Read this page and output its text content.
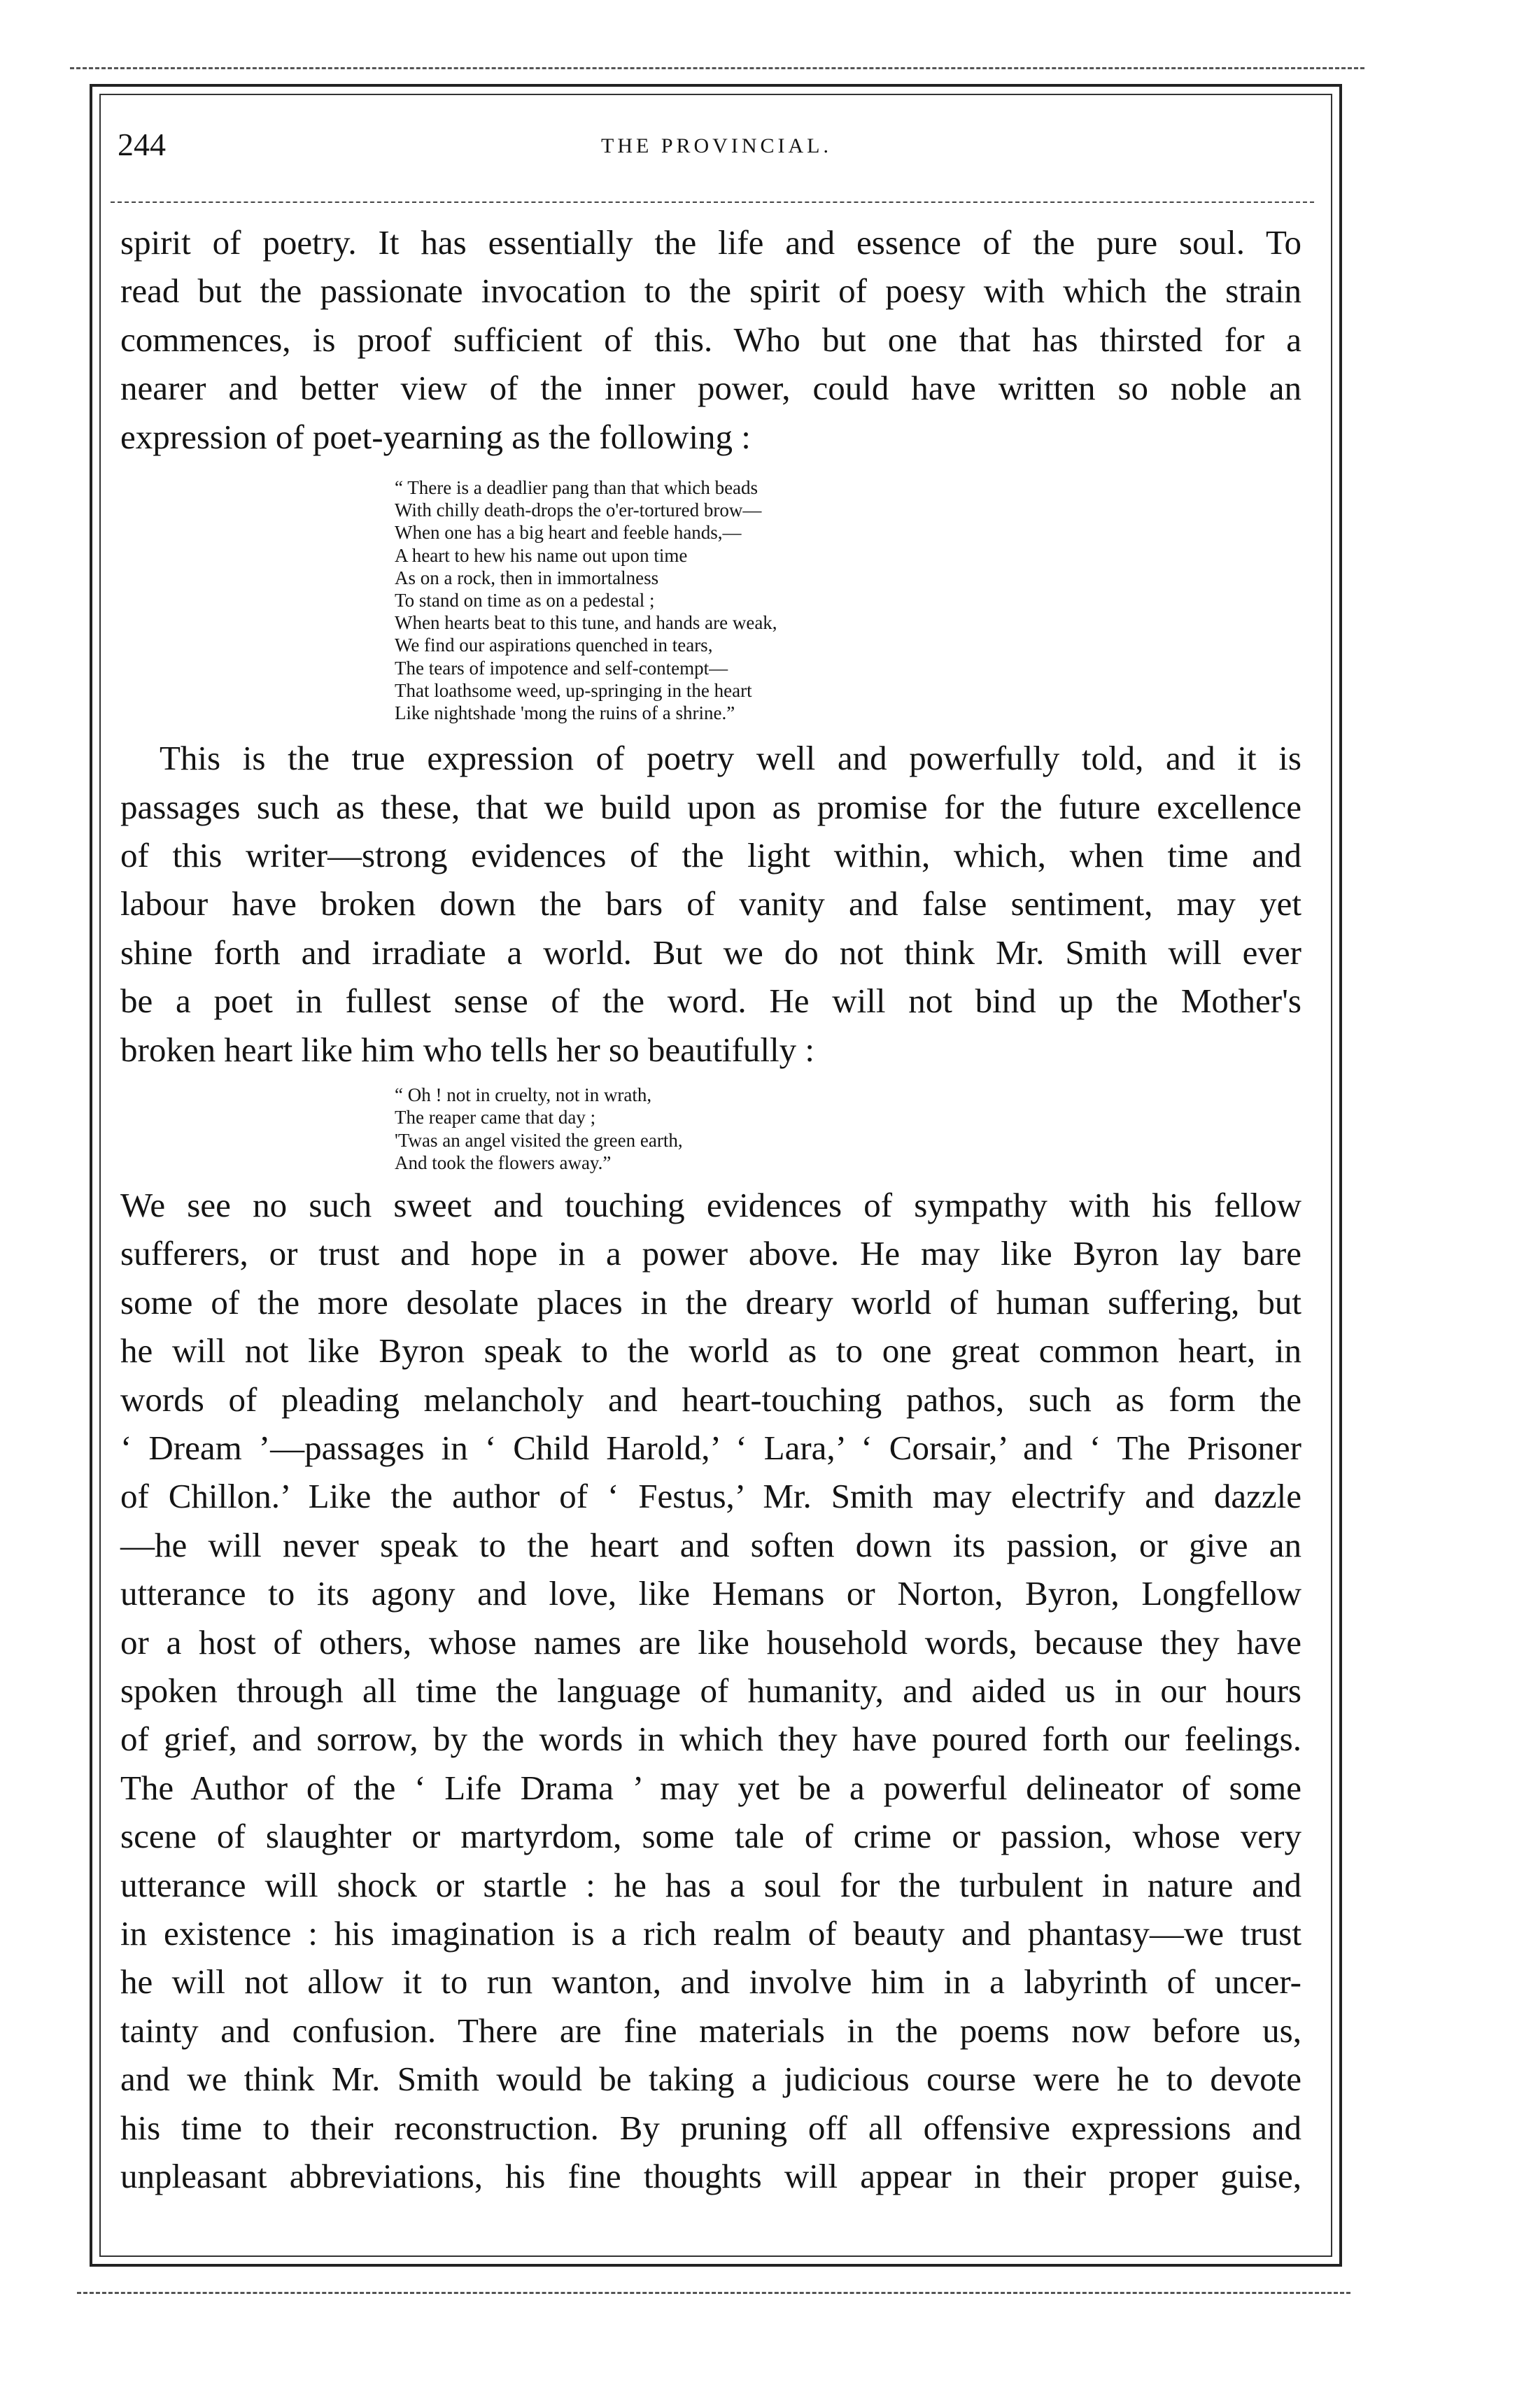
244	THE PROVINCIAL.
spirit of poetry. It has essentially the life and essence of the pure soul. To
read but the passionate invocation to the spirit of poesy with which the strain
commences, is proof sufficient of this. Who but one that has thirsted for a
nearer and better view of the inner power, could have written so noble an
expression of poet-yearning as the following :
“ There is a deadlier pang than that which beads
With chilly death-drops the o'er-tortured brow—
When one has a big heart and feeble hands,—
A heart to hew his name out upon time
As on a rock, then in immortalness
To stand on time as on a pedestal ;
When hearts beat to this tune, and hands are weak,
We find our aspirations quenched in tears,
The tears of impotence and self-contempt—
That loathsome weed, up-springing in the heart
Like nightshade 'mong the ruins of a shrine.”
This is the true expression of poetry well and powerfully told, and it is
passages such as these, that we build upon as promise for the future excellence
of this writer—strong evidences of the light within, which, when time and
labour have broken down the bars of vanity and false sentiment, may yet
shine forth and irradiate a world. But we do not think Mr. Smith will ever
be a poet in fullest sense of the word. He will not bind up the Mother's
broken heart like him who tells her so beautifully :
“ Oh ! not in cruelty, not in wrath,
The reaper came that day ;
'Twas an angel visited the green earth,
And took the flowers away.”
We see no such sweet and touching evidences of sympathy with his fellow
sufferers, or trust and hope in a power above. He may like Byron lay bare
some of the more desolate places in the dreary world of human suffering, but
he will not like Byron speak to the world as to one great common heart, in
words of pleading melancholy and heart-touching pathos, such as form the
‘ Dream ’—passages in ‘ Child Harold,’ ‘ Lara,’ ‘ Corsair,’ and ‘ The Prisoner
of Chillon.’ Like the author of ‘ Festus,’ Mr. Smith may electrify and dazzle
—he will never speak to the heart and soften down its passion, or give an
utterance to its agony and love, like Hemans or Norton, Byron, Longfellow
or a host of others, whose names are like household words, because they have
spoken through all time the language of humanity, and aided us in our hours
of grief, and sorrow, by the words in which they have poured forth our feelings.
The Author of the ‘ Life Drama ’ may yet be a powerful delineator of some
scene of slaughter or martyrdom, some tale of crime or passion, whose very
utterance will shock or startle : he has a soul for the turbulent in nature and
in existence : his imagination is a rich realm of beauty and phantasy—we trust
he will not allow it to run wanton, and involve him in a labyrinth of uncer-
tainty and confusion. There are fine materials in the poems now before us,
and we think Mr. Smith would be taking a judicious course were he to devote
his time to their reconstruction. By pruning off all offensive expressions and
unpleasant abbreviations, his fine thoughts will appear in their proper guise,
